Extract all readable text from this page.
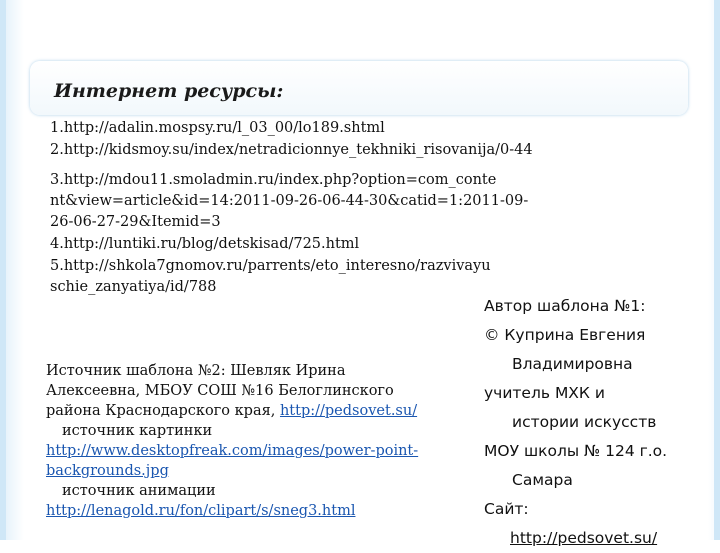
Интернет ресурсы:
1.http://adalin.mospsy.ru/l_03_00/lo189.shtml
2.http://kidsmoy.su/index/netradicionnye_tekhniki_risovanija/0-44
3.http://mdou11.smoladmin.ru/index.php?option=com_conte
nt&view=article&id=14:2011-09-26-06-44-30&catid=1:2011-09-
26-06-27-29&Itemid=3
4.http://luntiki.ru/blog/detskisad/725.html
5.http://shkola7gnomov.ru/parrents/eto_interesno/razvivayu
schie_zanyatiya/id/788
Источник шаблона №2: Шевляк Ирина
Алексеевна, МБОУ СОШ №16 Белоглинского
района Краснодарского края, http://pedsovet.su/
источник картинки
http://www.desktopfreak.com/images/power-point-
backgrounds.jpg
источник анимации
http://lenagold.ru/fon/clipart/s/sneg3.html
Автор шаблона №1:
© Куприна Евгения
Владимировна
учитель МХК и
истории искусств
МОУ школы № 124 г.о.
Самара
Сайт:
http://pedsovet.su/
